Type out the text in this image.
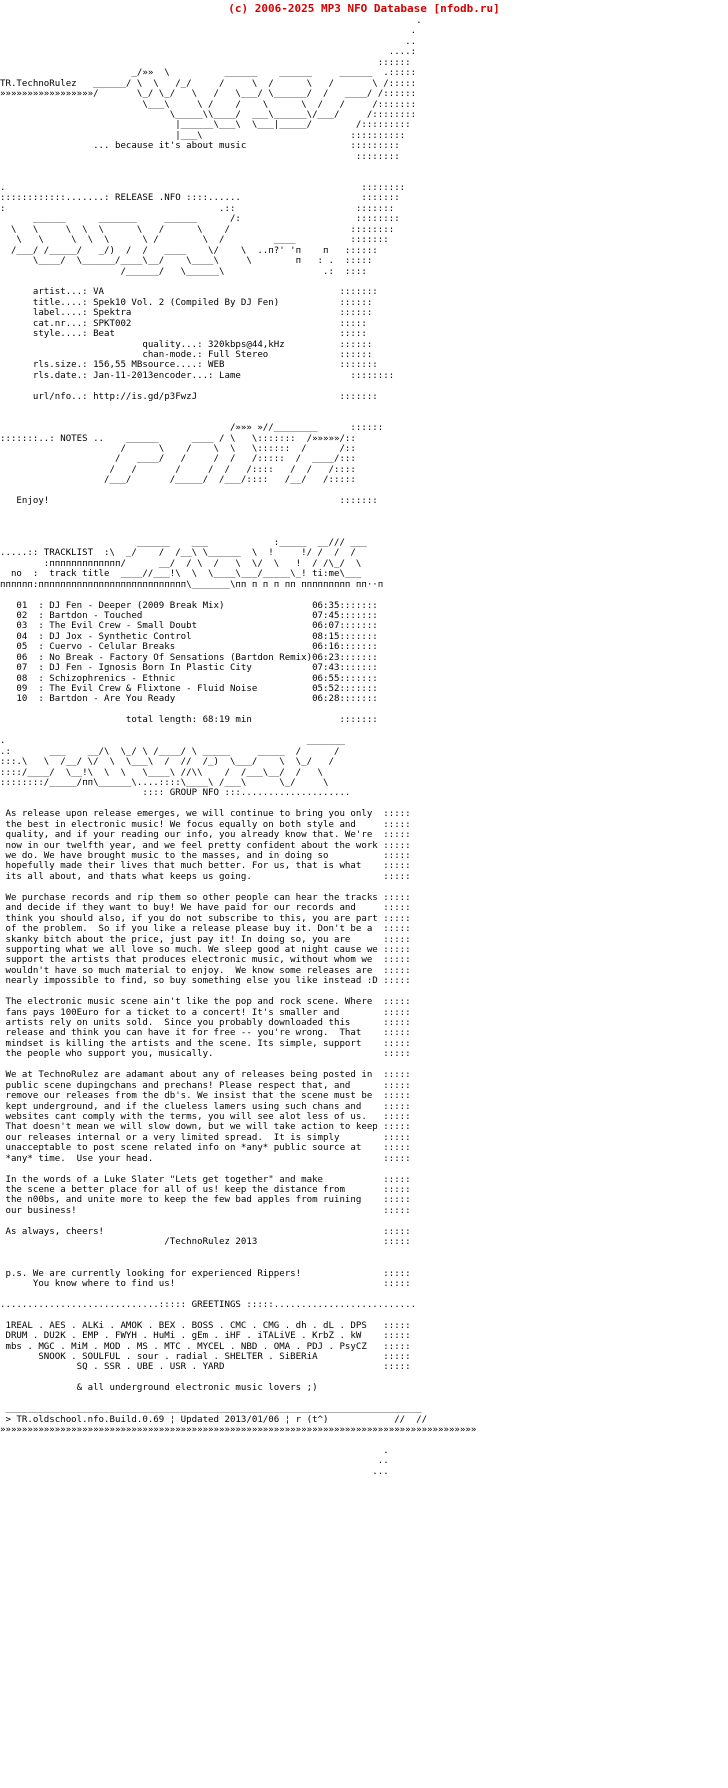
(c) 2006-2025 MP3 NFO Database [nfodb.ru]
.
.
..
....:
::::::
_/»»  \          ______    ______     ______  .:::::
TR.TechnoRulez   ______/ \  \   /_/     /     \  /      \   /       \ /:::::
»»»»»»»»»»»»»»»»»/       \_/ \_/   \   /   \___/ \______/  /   ____/ /::::::
\___\     \ /    /    \      \  /   /     /:::::::
\_____\\____/  ___\______\/___/     /::::::::
|______\___\  \___|_____/        /:::::::::
|___\                           ::::::::::
... because it's about music                   :::::::::
::::::::

.                                                                 ::::::::
::::::::::::.......: RELEASE .NFO ::::......                      :::::::
:                                       .::                      :::::::
______      _______     ______      /:                     ::::::::
\   \     \  \  \      \   /      \    /                      ::::::::
\   \     \  \  \      \ /        \  /         ____          :::::::
/___/ /_____/   _/)  /  /   ____    \/    \  ..п?' 'п    п   ::::::
\____/  \______/____\__/    \____\     \        п   : .  :::::
/______/   \______\                  .:  ::::

artist...: VA                                           :::::::
title....: Spek10 Vol. 2 (Compiled By DJ Fen)           ::::::
label....: Spektra                                      ::::::
cat.nr...: SPKT002                                      :::::
style....: Beat                                         :::::
quality...: 320kbps@44,kHz          ::::::
chan-mode.: Full Stereo             ::::::
rls.size.: 156,55 MBsource....: WEB                     :::::::
rls.date.: Jan-11-2013encoder...: Lame                    ::::::::

url/nfo..: http://is.gd/p3FwzJ                          :::::::

/»»» »//________      ::::::
:::::::..: NOTES ..    ______      ____ / \   \:::::::  /»»»»»/::
/      \    /    \  \   \::::::  /      /::
/   ____/   /     /  /   /:::::  /  ____/:::
/   /       /     /  /   /::::   /  /   /::::
/___/       /_____/  /___/::::   /__/   /:::::

Enjoy!                                                     :::::::

______    ___            :_____  __/// ___
.....:: TRACKLIST  :\  _/    /  /__\ \______  \  !     !/ /  /  /
:ппппппппппппп/      __/  / \  /   \  \/  \   !  / /\_/  \
no  :  track title  ____//___!\  \  \____\___/_____\_! ti:me\___
пппппп:ппппппппппппппппппппппппппп\_______\пп п п п пп ппппппппп пп··п

01  : DJ Fen - Deeper (2009 Break Mix)                06:35:::::::
02  : Bartdon - Touched                               07:45:::::::
03  : The Evil Crew - Small Doubt                     06:07:::::::
04  : DJ Jox - Synthetic Control                      08:15:::::::
05  : Cuervo - Celular Breaks                         06:16:::::::
06  : No Break - Factory Of Sensations (Bartdon Remix)06:23:::::::
07  : DJ Fen - Ignosis Born In Plastic City           07:43:::::::
08  : Schizophrenics - Ethnic                         06:55:::::::
09  : The Evil Crew & Flixtone - Fluid Noise          05:52:::::::
10  : Bartdon - Are You Ready                         06:28:::::::

total length: 68:19 min                :::::::

.                                                       _______
.:       ___    __/\  \_/ \ /____/ \ _____     _____  /      /
:::.\   \  /__/ \/  \  \___\  /  //  /_)  \___/    \  \_/   /
::::/____/  \__!\  \  \   \____\ //\\    /  /___\__/  /   \
::::::::/_____/пп\______\....::::\____\ /___\      \_/     \
:::: GROUP NFO :::....................

As release upon release emerges, we will continue to bring you only  :::::
the best in electronic music! We focus equally on both style and     :::::
quality, and if your reading our info, you already know that. We're  :::::
now in our twelfth year, and we feel pretty confident about the work :::::
we do. We have brought music to the masses, and in doing so          :::::
hopefully made their lives that much better. For us, that is what    :::::
its all about, and thats what keeps us going.                        :::::

We purchase records and rip them so other people can hear the tracks :::::
and decide if they want to buy! We have paid for our records and     :::::
think you should also, if you do not subscribe to this, you are part :::::
of the problem.  So if you like a release please buy it. Don't be a  :::::
skanky bitch about the price, just pay it! In doing so, you are      :::::
supporting what we all love so much. We sleep good at night cause we :::::
support the artists that produces electronic music, without whom we  :::::
wouldn't have so much material to enjoy.  We know some releases are  :::::
nearly impossible to find, so buy something else you like instead :D :::::

The electronic music scene ain't like the pop and rock scene. Where  :::::
fans pays 100Euro for a ticket to a concert! It's smaller and        :::::
artists rely on units sold.  Since you probably downloaded this      :::::
release and think you can have it for free -- you're wrong.  That    :::::
mindset is killing the artists and the scene. Its simple, support    :::::
the people who support you, musically.                               :::::

We at TechnoRulez are adamant about any of releases being posted in  :::::
public scene dupingchans and prechans! Please respect that, and      :::::
remove our releases from the db's. We insist that the scene must be  :::::
kept underground, and if the clueless lamers using such chans and    :::::
websites cant comply with the terms, you will see alot less of us.   :::::
That doesn't mean we will slow down, but we will take action to keep :::::
our releases internal or a very limited spread.  It is simply        :::::
unacceptable to post scene related info on *any* public source at    :::::
*any* time.  Use your head.                                          :::::

In the words of a Luke Slater "Lets get together" and make           :::::
the scene a better place for all of us! keep the distance from       :::::
the n00bs, and unite more to keep the few bad apples from ruining    :::::
our business!                                                        :::::

As always, cheers!                                                   :::::
/TechnoRulez 2013                       :::::

p.s. We are currently looking for experienced Rippers!               :::::
You know where to find us!                                      :::::

.............................::::: GREETINGS :::::..........................

1REAL . AES . ALKi . AMOK . BEX . BOSS . CMC . CMG . dh . dL . DPS   :::::
DRUM . DU2K . EMP . FWYH . HuMi . gEm . iHF . iTALiVE . KrbZ . kW    :::::
mbs . MGC . MiM . MOD . MS . MTC . MYCEL . NBD . OMA . PDJ . PsyCZ   :::::
SNOOK . SOULFUL . sour . radial . SHELTER . SiBERiA            :::::
SQ . SSR . UBE . USR . YARD                             :::::

& all underground electronic music lovers ;)

____________________________________________________________________________
> TR.oldschool.nfo.Build.0.69 ¦ Updated 2013/01/06 ¦ r (t^)            //  //
»»»»»»»»»»»»»»»»»»»»»»»»»»»»»»»»»»»»»»»»»»»»»»»»»»»»»»»»»»»»»»»»»»»»»»»»»»»»»»»»»»»»»»»

.
..
...
